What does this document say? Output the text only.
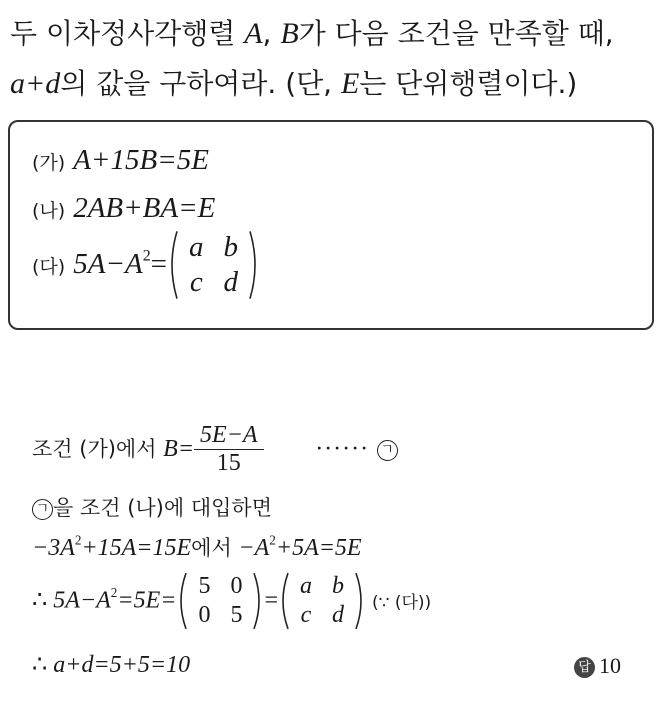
두 이차정사각행렬 A, B가 다음 조건을 만족할 때,
a+d의 값을 구하여라. (단, E는 단위행렬이다.)
(가) A+15B=5E
(나) 2AB+BA=E
(다) $5A-A^2=$
a	b
c	d
조건 (가)에서 $B= \frac{5E-A}{15}$ ······ ㄱ
ㄱ 을 조건 (나)에 대입하면
$-3A^2+15A=15E$에서 $-A^2+5A=5E$
∴ $5A-A^2=5E=$
5	0
0	5
=
a	b
c	d (∵ (다))
∴ a+d=5+5=10	답 10
